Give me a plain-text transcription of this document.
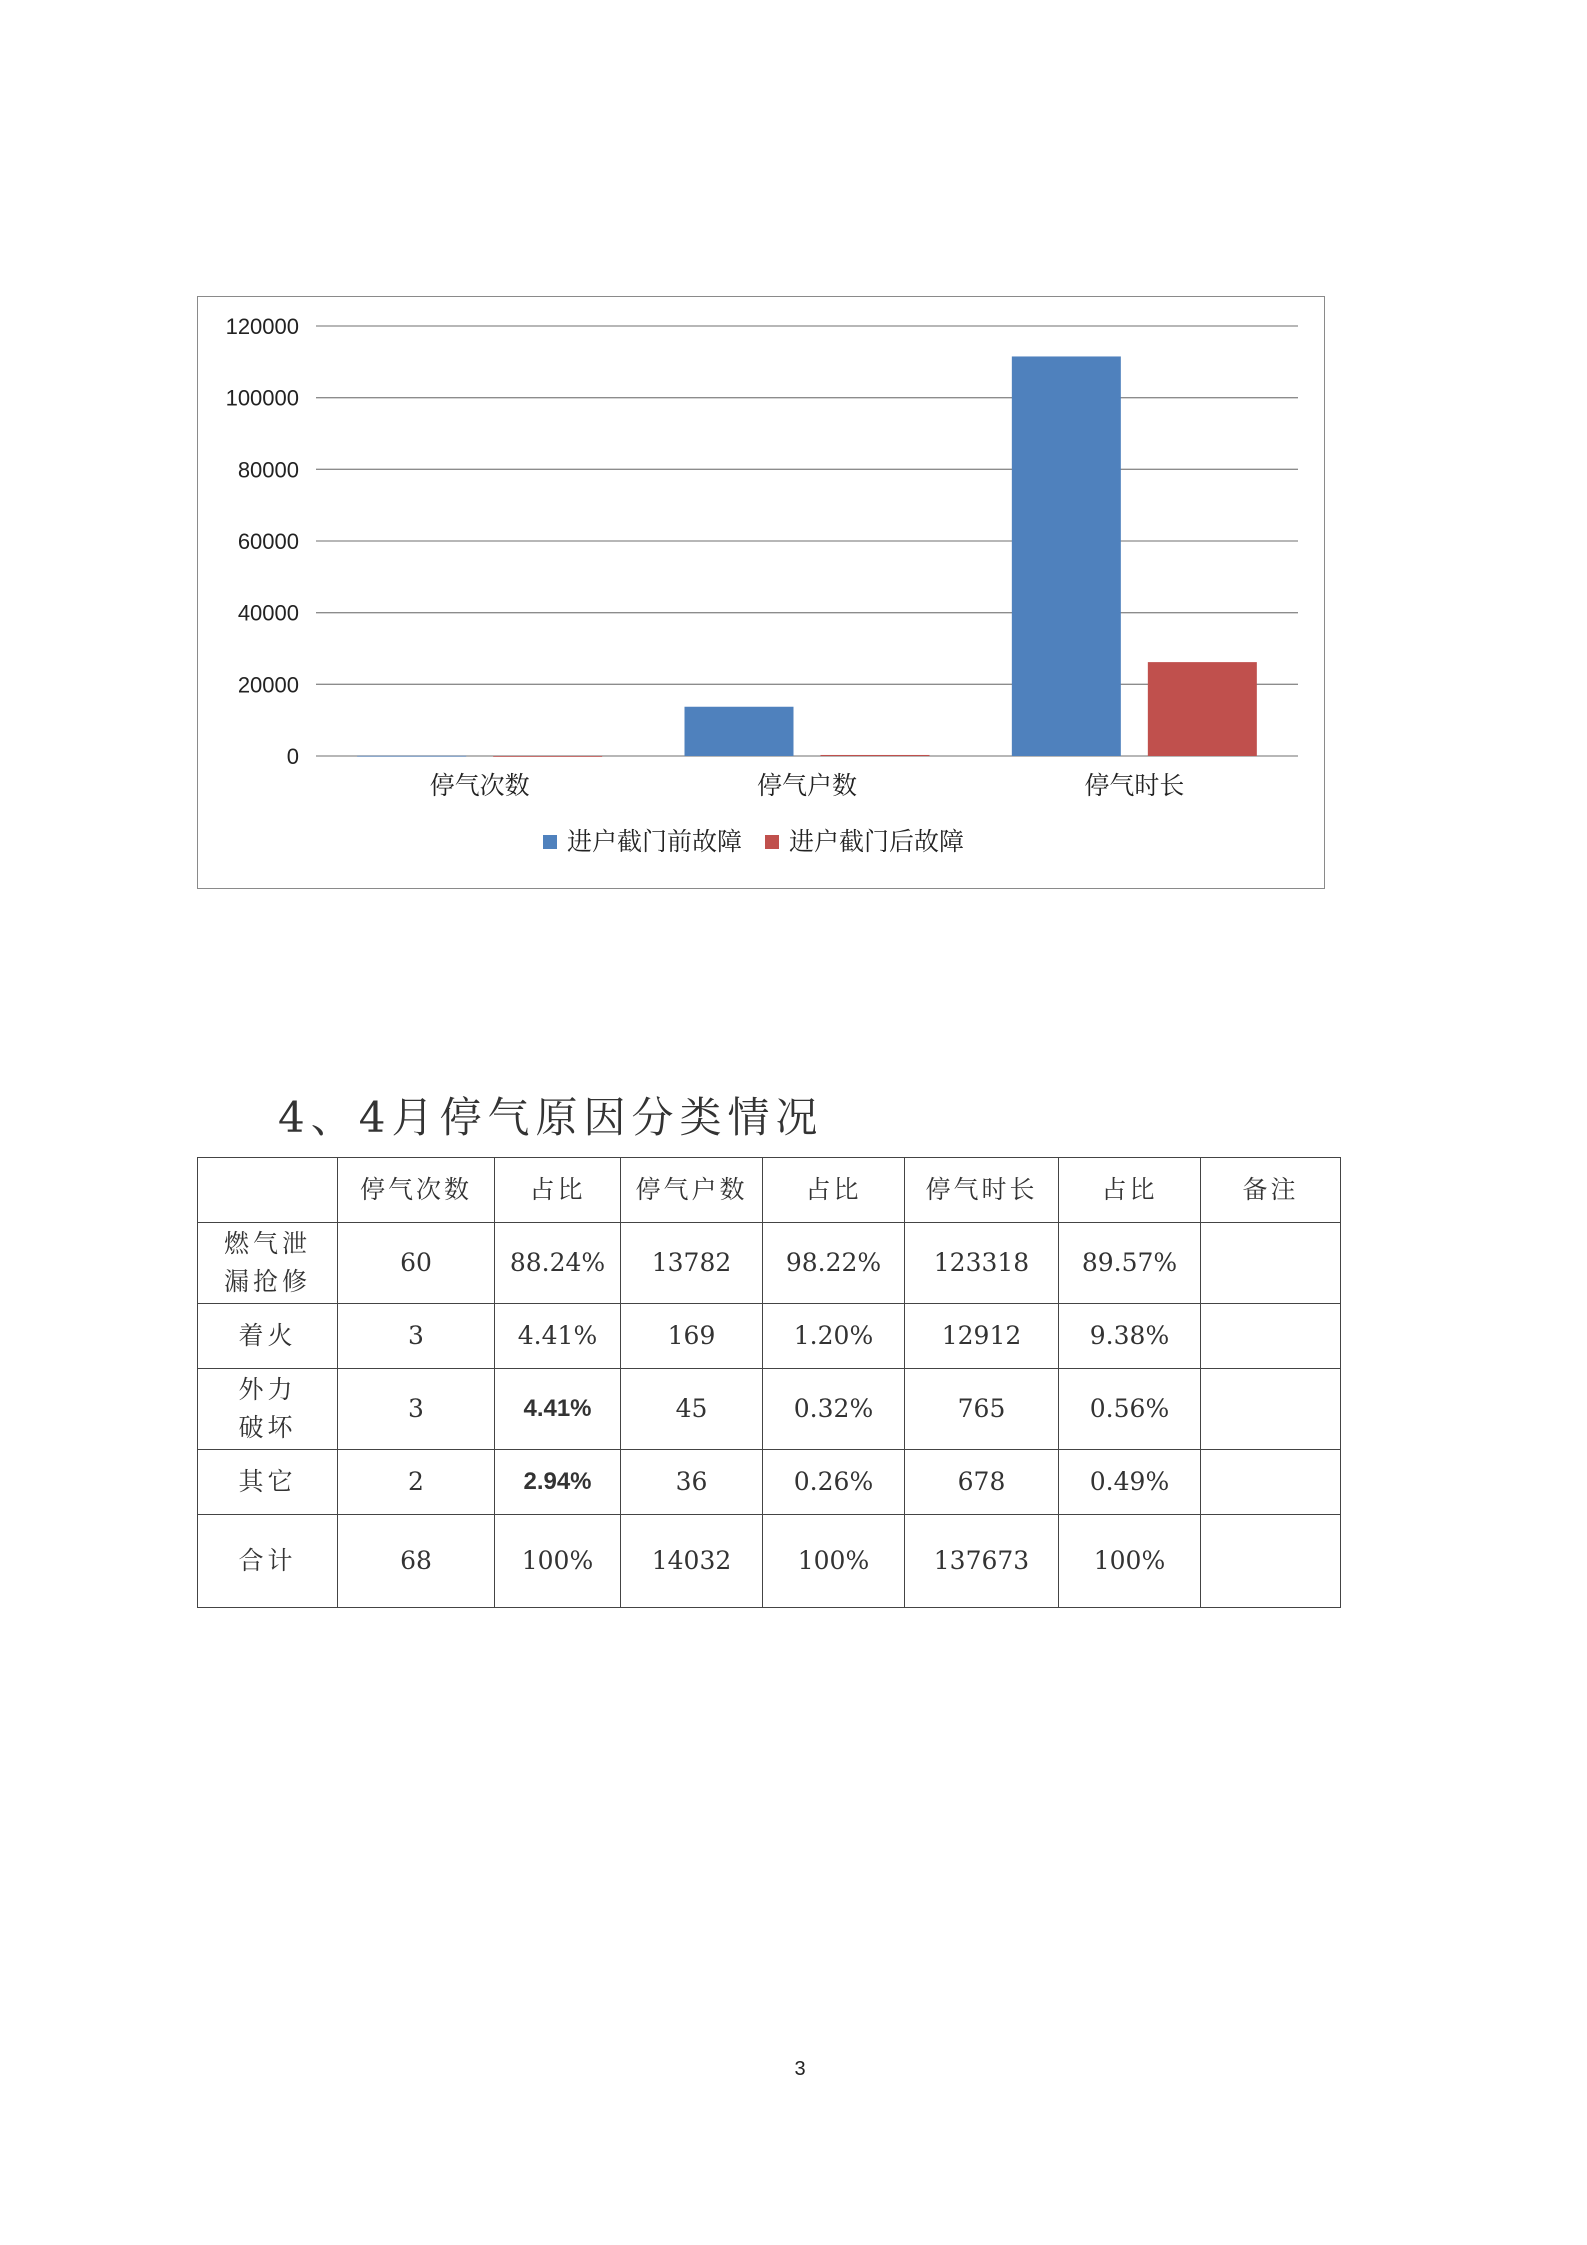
0
20000
40000
60000
80000
100000
120000
停气次数	停气户数	停气时长
进户截门前故障 进户截门后故障
4、4月停气原因分类情况
	停气次数	占比	停气户数	占比	停气时长	占比	备注

燃气泄
漏抢修	60	88.24%	13782	98.22%	123318	89.57%	

着火	3	4.41%	169	1.20%	12912	9.38%	

外力
破坏	3	4.41%	45	0.32%	765	0.56%	

其它	2	2.94%	36	0.26%	678	0.49%	

合计	68	100%	14032	100%	137673	100%	
3
